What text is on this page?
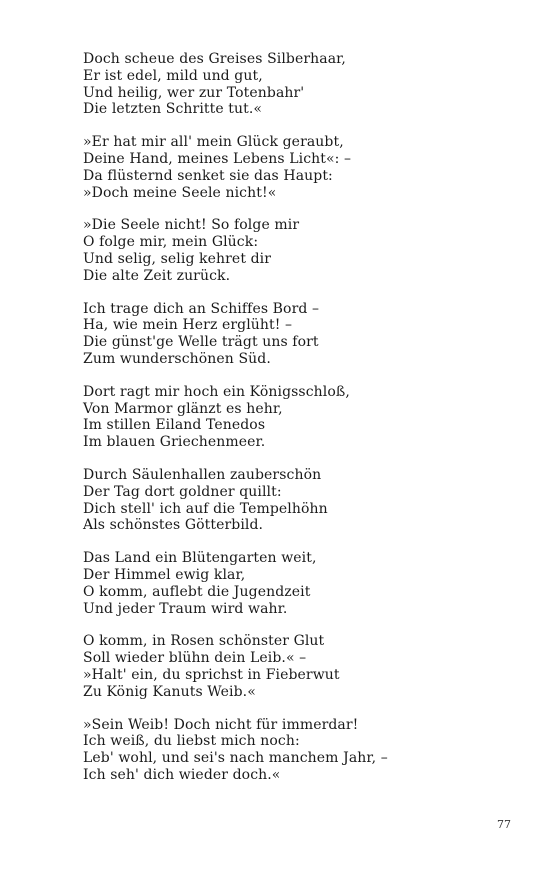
Doch scheue des Greises Silberhaar,
Er ist edel, mild und gut,
Und heilig, wer zur Totenbahr'
Die letzten Schritte tut.«
»Er hat mir all' mein Glück geraubt,
Deine Hand, meines Lebens Licht«: –
Da flüsternd senket sie das Haupt:
»Doch meine Seele nicht!«
»Die Seele nicht! So folge mir
O folge mir, mein Glück:
Und selig, selig kehret dir
Die alte Zeit zurück.
Ich trage dich an Schiffes Bord –
Ha, wie mein Herz erglüht! –
Die günst'ge Welle trägt uns fort
Zum wunderschönen Süd.
Dort ragt mir hoch ein Königsschloß,
Von Marmor glänzt es hehr,
Im stillen Eiland Tenedos
Im blauen Griechenmeer.
Durch Säulenhallen zauberschön
Der Tag dort goldner quillt:
Dich stell' ich auf die Tempelhöhn
Als schönstes Götterbild.
Das Land ein Blütengarten weit,
Der Himmel ewig klar,
O komm, auflebt die Jugendzeit
Und jeder Traum wird wahr.
O komm, in Rosen schönster Glut
Soll wieder blühn dein Leib.« –
»Halt' ein, du sprichst in Fieberwut
Zu König Kanuts Weib.«
»Sein Weib! Doch nicht für immerdar!
Ich weiß, du liebst mich noch:
Leb' wohl, und sei's nach manchem Jahr, –
Ich seh' dich wieder doch.«
77
